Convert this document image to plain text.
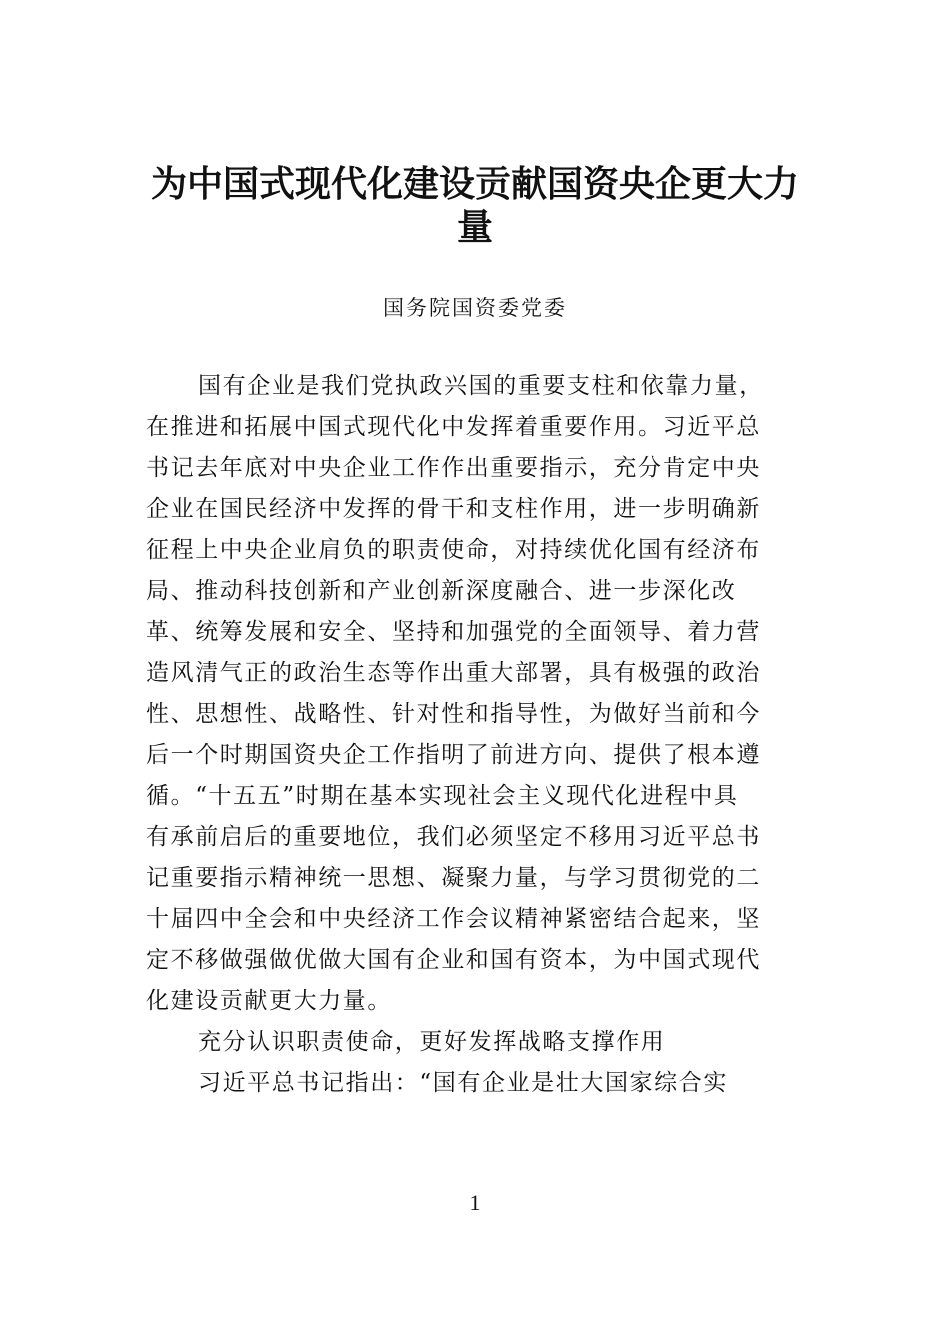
为中国式现代化建设贡献国资央企更大力
量
国务院国资委党委
国有企业是我们党执政兴国的重要支柱和依靠力量，
在推进和拓展中国式现代化中发挥着重要作用。习近平总
书记去年底对中央企业工作作出重要指示，充分肯定中央
企业在国民经济中发挥的骨干和支柱作用，进一步明确新
征程上中央企业肩负的职责使命，对持续优化国有经济布
局、推动科技创新和产业创新深度融合、进一步深化改
革、统筹发展和安全、坚持和加强党的全面领导、着力营
造风清气正的政治生态等作出重大部署，具有极强的政治
性、思想性、战略性、针对性和指导性，为做好当前和今
后一个时期国资央企工作指明了前进方向、提供了根本遵
循。“十五五”时期在基本实现社会主义现代化进程中具
有承前启后的重要地位，我们必须坚定不移用习近平总书
记重要指示精神统一思想、凝聚力量，与学习贯彻党的二
十届四中全会和中央经济工作会议精神紧密结合起来，坚
定不移做强做优做大国有企业和国有资本，为中国式现代
化建设贡献更大力量。
充分认识职责使命，更好发挥战略支撑作用
习近平总书记指出：“国有企业是壮大国家综合实
1
